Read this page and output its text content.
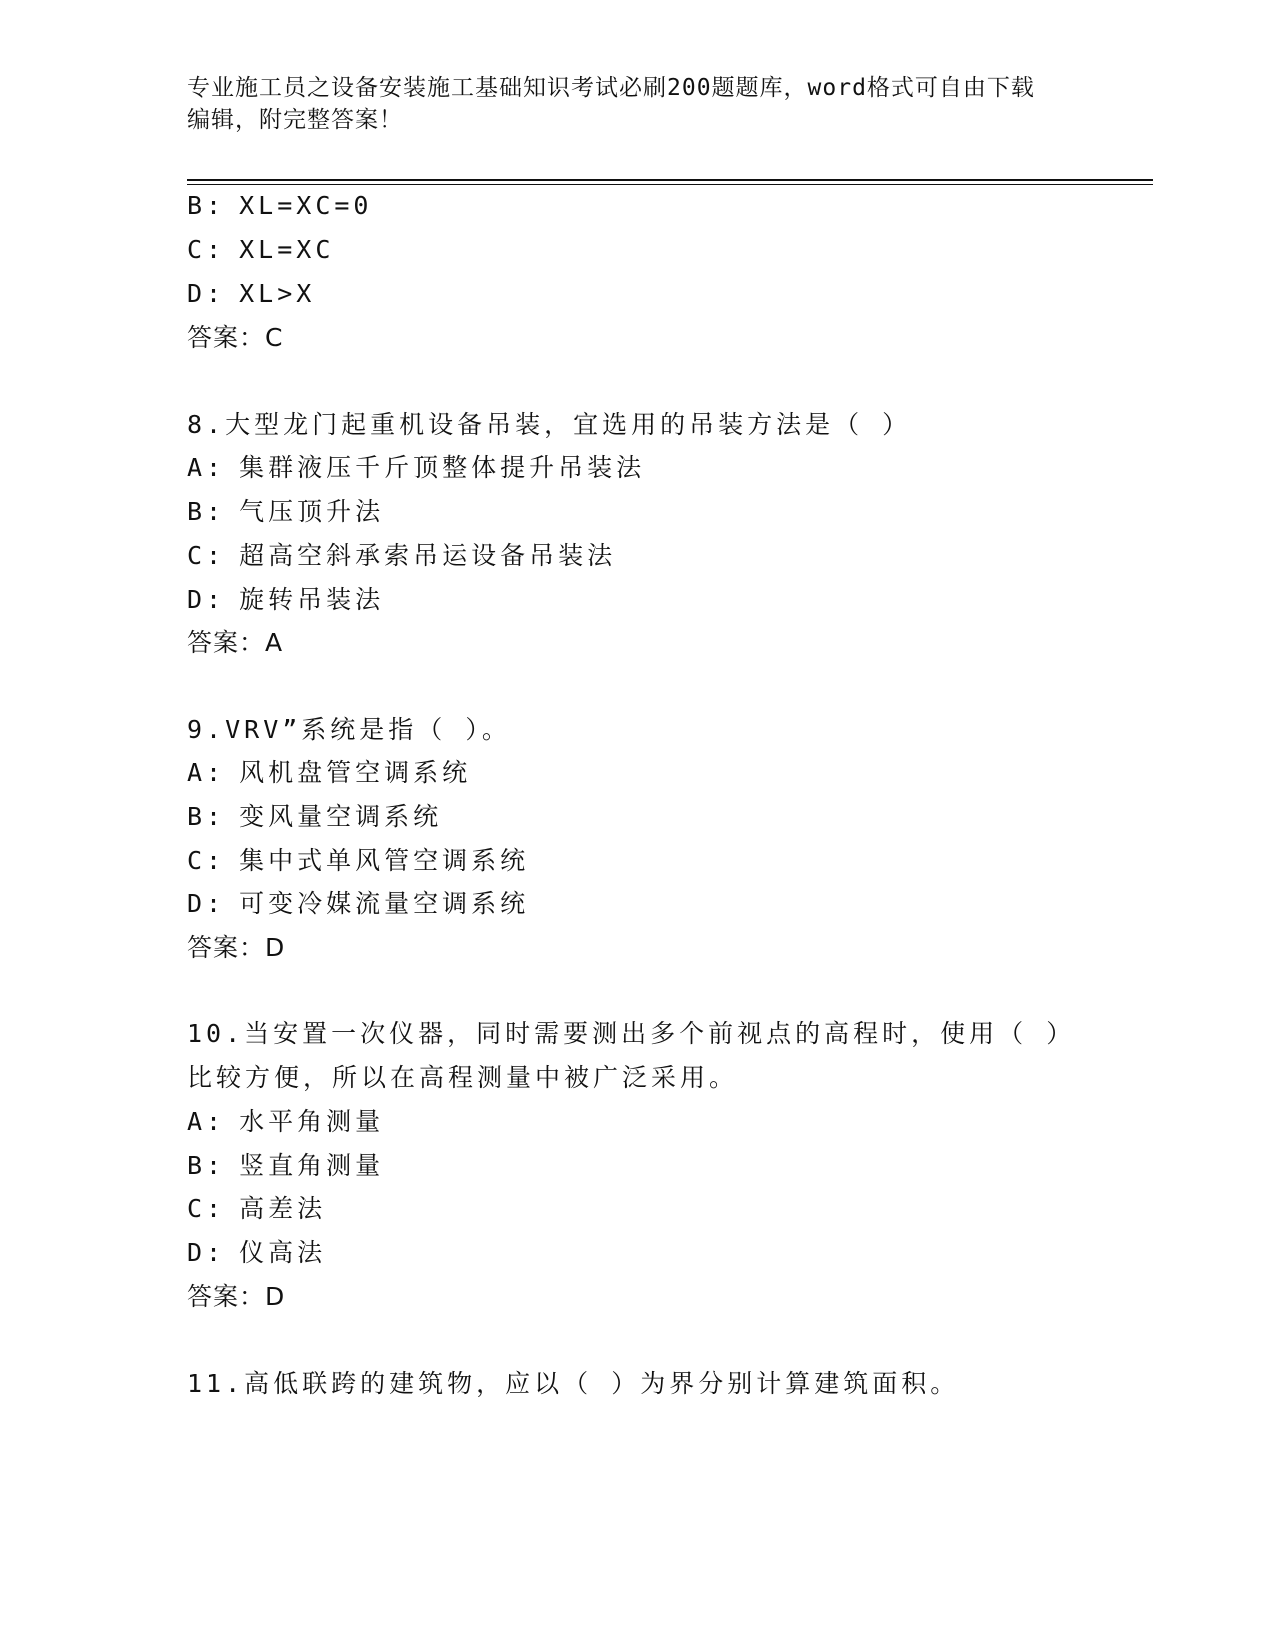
专业施工员之设备安装施工基础知识考试必刷200题题库，word格式可自由下载
编辑，附完整答案！
B: XL=XC=0
C: XL=XC
D: XL>X
答案：C
8.大型龙门起重机设备吊装，宜选用的吊装方法是（ ）
A: 集群液压千斤顶整体提升吊装法
B: 气压顶升法
C: 超高空斜承索吊运设备吊装法
D: 旋转吊装法
答案：A
9.VRV”系统是指（ ）。
A: 风机盘管空调系统
B: 变风量空调系统
C: 集中式单风管空调系统
D: 可变冷媒流量空调系统
答案：D
10.当安置一次仪器，同时需要测出多个前视点的高程时，使用（ ）
比较方便，所以在高程测量中被广泛采用。
A: 水平角测量
B: 竖直角测量
C: 高差法
D: 仪高法
答案：D
11.高低联跨的建筑物，应以（ ）为界分别计算建筑面积。
